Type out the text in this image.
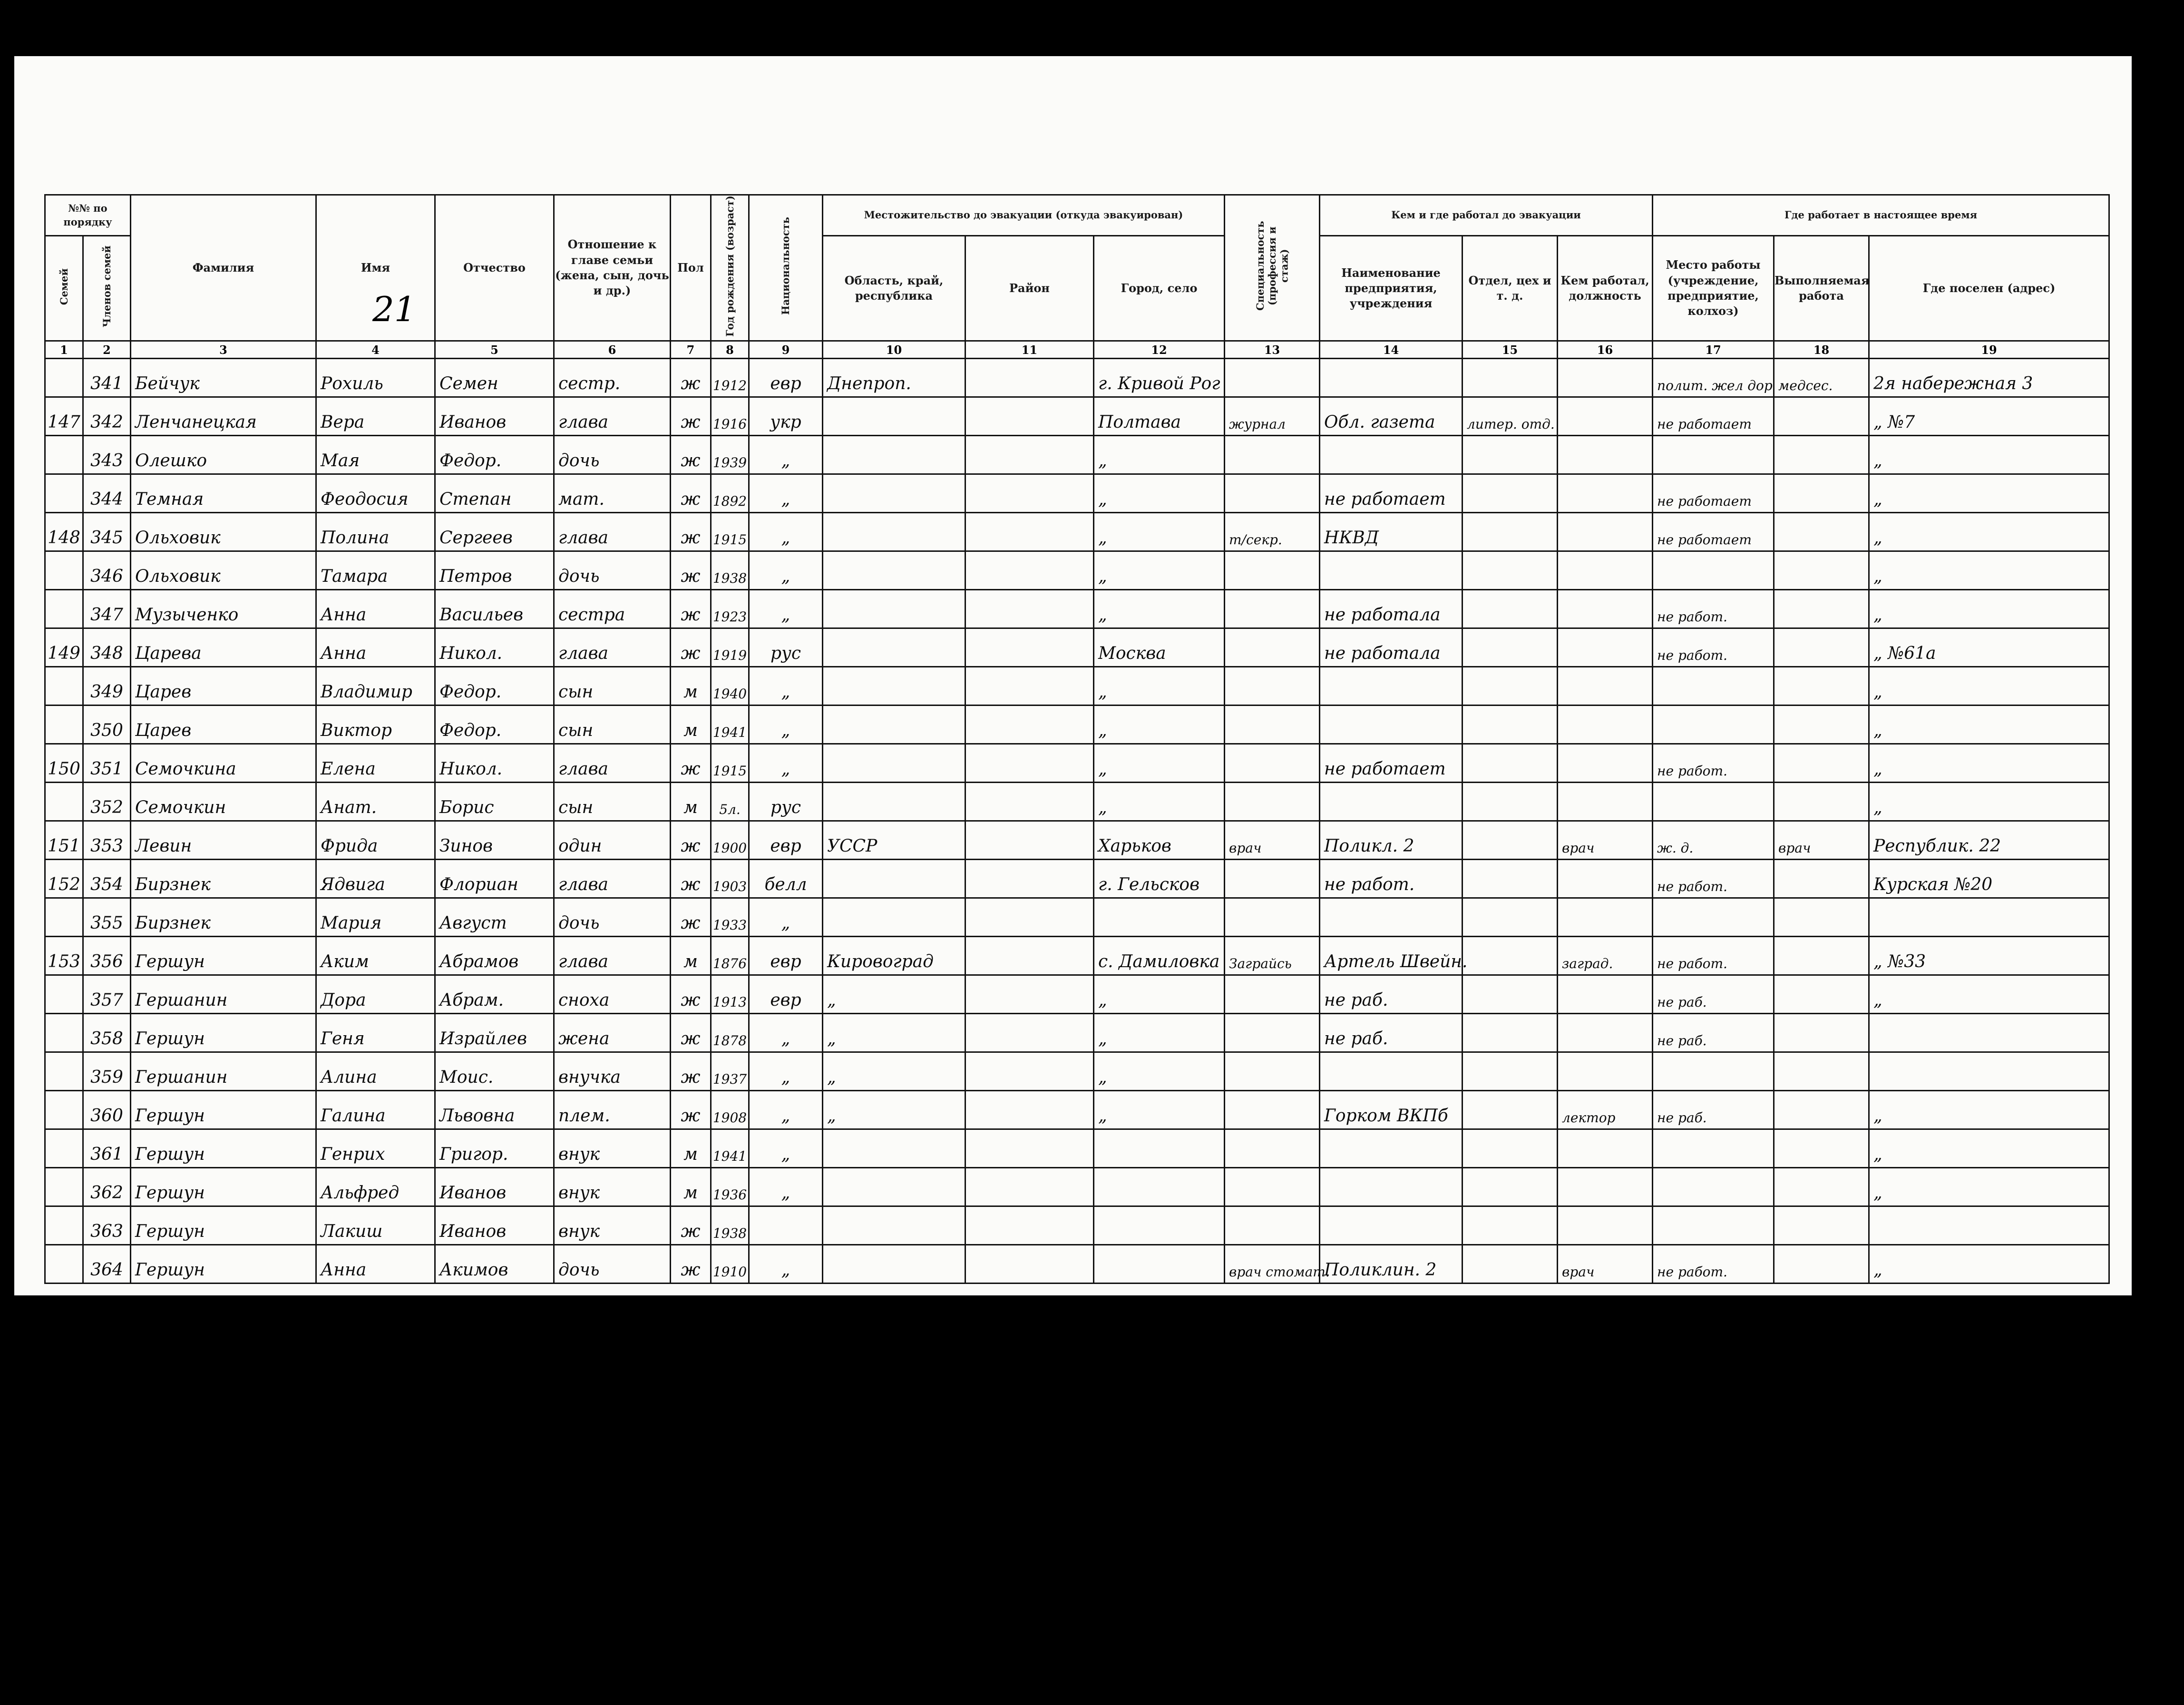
21
№№ по порядку		Фамилия	Имя	Отчество	Отношение к главе семьи (жена, сын, дочь и др.)	Пол	Год рождения (возраст)	Национальность	Местожительство до эвакуации (откуда эвакуирован)			Специальность (профессия и стаж)	Кем и где работал до эвакуации			Где работает в настоящее время		
Семей	Членов семей								Область, край, республика	Район	Город, село		Наименование предприятия, учреждения	Отдел, цех и т. д.	Кем работал, должность	Место работы (учреждение, предприятие, колхоз)	Выполняемая работа	Где поселен (адрес)
1	2	3	4	5	6	7	8	9	10	11	12	13	14	15	16	17	18	19
	341	Бейчук	Рохиль	Семен	сестр.	ж	1912	евр	Днепроп.		г. Кривой Рог					полит. жел дор	медсес.	2я набережная 3
147	342	Ленчанецкая	Вера	Иванов	глава	ж	1916	укр			Полтава	журнал	Обл. газета	литер. отд.		не работает		„ №7
	343	Олешко	Мая	Федор.	дочь	ж	1939	„			„							„
	344	Темная	Феодосия	Степан	мат.	ж	1892	„			„		не работает			не работает		„
148	345	Ольховик	Полина	Сергеев	глава	ж	1915	„			„	т/секр.	НКВД			не работает		„
	346	Ольховик	Тамара	Петров	дочь	ж	1938	„			„							„
	347	Музыченко	Анна	Васильев	сестра	ж	1923	„			„		не работала			не работ.		„
149	348	Царева	Анна	Никол.	глава	ж	1919	рус			Москва		не работала			не работ.		„ №61а
	349	Царев	Владимир	Федор.	сын	м	1940	„			„							„
	350	Царев	Виктор	Федор.	сын	м	1941	„			„							„
150	351	Семочкина	Елена	Никол.	глава	ж	1915	„			„		не работает			не работ.		„
	352	Семочкин	Анат.	Борис	сын	м	5л.	рус			„							„
151	353	Левин	Фрида	Зинов	один	ж	1900	евр	УССР		Харьков	врач	Поликл. 2		врач	ж. д.	врач	Республик. 22
152	354	Бирзнек	Ядвига	Флориан	глава	ж	1903	белл			г. Гельсков		не работ.			не работ.		Курская №20
	355	Бирзнек	Мария	Август	дочь	ж	1933	„										
153	356	Гершун	Аким	Абрамов	глава	м	1876	евр	Кировоград		с. Дамиловка	Заграйсь	Артель Швейн.		заград.	не работ.		„ №33
	357	Гершанин	Дора	Абрам.	сноха	ж	1913	евр	„		„		не раб.			не раб.		„
	358	Гершун	Геня	Израйлев	жена	ж	1878	„	„		„		не раб.			не раб.		
	359	Гершанин	Алина	Моис.	внучка	ж	1937	„	„		„							
	360	Гершун	Галина	Львовна	плем.	ж	1908	„	„		„		Горком ВКПб		лектор	не раб.		„
	361	Гершун	Генрих	Григор.	внук	м	1941	„										„
	362	Гершун	Альфред	Иванов	внук	м	1936	„										„
	363	Гершун	Лакиш	Иванов	внук	ж	1938											
	364	Гершун	Анна	Акимов	дочь	ж	1910	„				врач стомат.	Поликлин. 2		врач	не работ.		„
